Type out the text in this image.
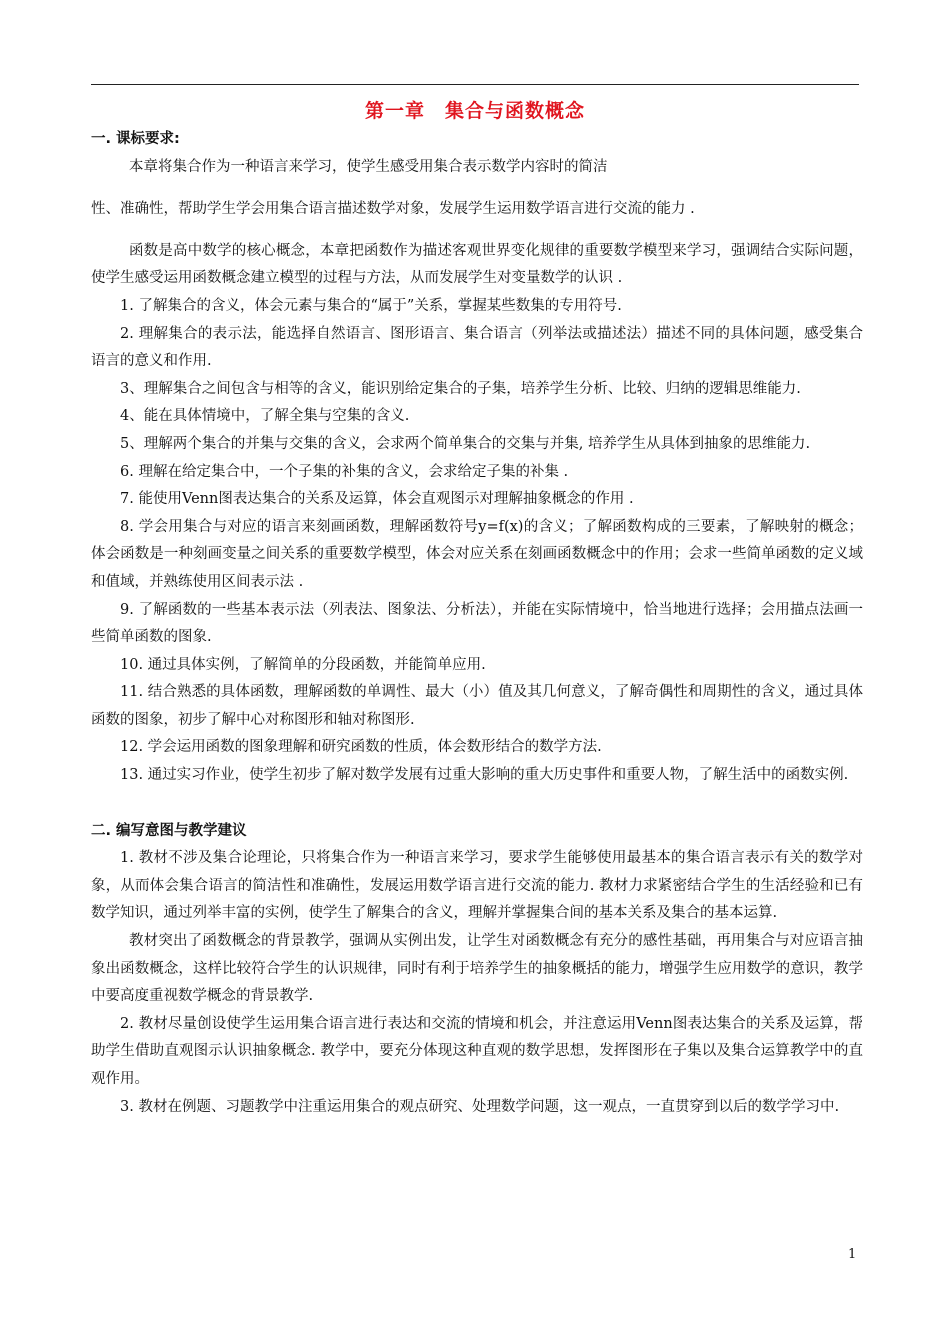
第一章　集合与函数概念
一. 课标要求:

本章将集合作为一种语言来学习，使学生感受用集合表示数学内容时的简洁

性、准确性，帮助学生学会用集合语言描述数学对象，发展学生运用数学语言进行交流的能力 .

函数是高中数学的核心概念，本章把函数作为描述客观世界变化规律的重要数学模型来学习，强调结合实际问题，使学生感受运用函数概念建立模型的过程与方法，从而发展学生对变量数学的认识 .

1. 了解集合的含义，体会元素与集合的“属于”关系，掌握某些数集的专用符号.

2. 理解集合的表示法，能选择自然语言、图形语言、集合语言（列举法或描述法）描述不同的具体问题，感受集合语言的意义和作用.

3、理解集合之间包含与相等的含义，能识别给定集合的子集，培养学生分析、比较、归纳的逻辑思维能力.

4、能在具体情境中，了解全集与空集的含义.

5、理解两个集合的并集与交集的含义，会求两个简单集合的交集与并集, 培养学生从具体到抽象的思维能力.

6. 理解在给定集合中，一个子集的补集的含义，会求给定子集的补集 .

7. 能使用Venn图表达集合的关系及运算，体会直观图示对理解抽象概念的作用 .

8. 学会用集合与对应的语言来刻画函数，理解函数符号y=f(x)的含义；了解函数构成的三要素，了解映射的概念；体会函数是一种刻画变量之间关系的重要数学模型，体会对应关系在刻画函数概念中的作用；会求一些简单函数的定义域和值域，并熟练使用区间表示法 .

9. 了解函数的一些基本表示法（列表法、图象法、分析法），并能在实际情境中，恰当地进行选择；会用描点法画一些简单函数的图象.

10. 通过具体实例，了解简单的分段函数，并能简单应用.

11. 结合熟悉的具体函数，理解函数的单调性、最大（小）值及其几何意义，了解奇偶性和周期性的含义，通过具体函数的图象，初步了解中心对称图形和轴对称图形.

12. 学会运用函数的图象理解和研究函数的性质，体会数形结合的数学方法.

13. 通过实习作业，使学生初步了解对数学发展有过重大影响的重大历史事件和重要人物，了解生活中的函数实例.

二. 编写意图与教学建议

1. 教材不涉及集合论理论，只将集合作为一种语言来学习，要求学生能够使用最基本的集合语言表示有关的数学对象，从而体会集合语言的简洁性和准确性，发展运用数学语言进行交流的能力. 教材力求紧密结合学生的生活经验和已有数学知识，通过列举丰富的实例，使学生了解集合的含义，理解并掌握集合间的基本关系及集合的基本运算.

教材突出了函数概念的背景教学，强调从实例出发，让学生对函数概念有充分的感性基础，再用集合与对应语言抽象出函数概念，这样比较符合学生的认识规律，同时有利于培养学生的抽象概括的能力，增强学生应用数学的意识，教学中要高度重视数学概念的背景教学.

2. 教材尽量创设使学生运用集合语言进行表达和交流的情境和机会，并注意运用Venn图表达集合的关系及运算，帮助学生借助直观图示认识抽象概念. 教学中，要充分体现这种直观的数学思想，发挥图形在子集以及集合运算教学中的直观作用。

3. 教材在例题、习题教学中注重运用集合的观点研究、处理数学问题，这一观点，一直贯穿到以后的数学学习中.

1
